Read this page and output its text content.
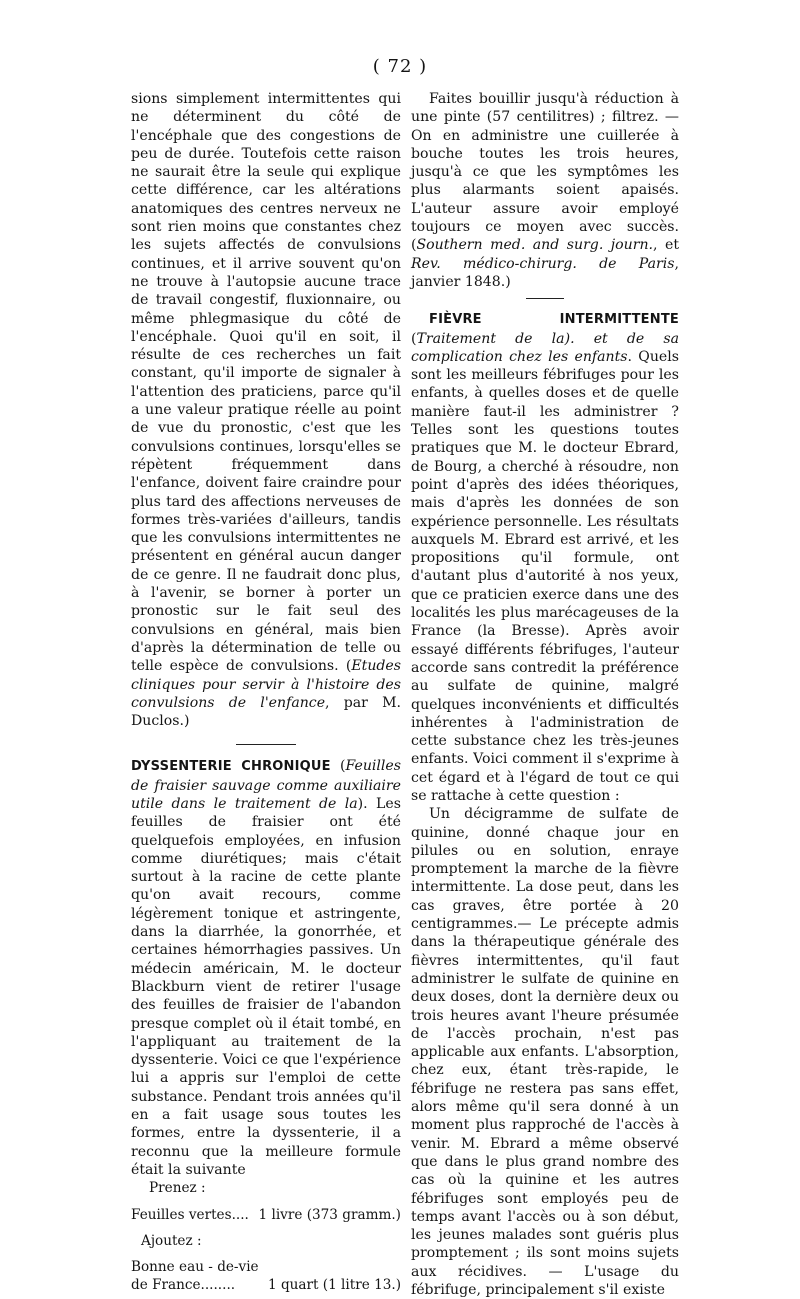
( 72 )

sions simplement intermittentes qui ne déterminent du côté de l'encéphale que des congestions de peu de durée. Toutefois cette raison ne saurait être la seule qui explique cette différence, car les altérations anatomiques des centres nerveux ne sont rien moins que constantes chez les sujets affectés de convulsions continues, et il arrive souvent qu'on ne trouve à l'autopsie aucune trace de travail congestif, fluxionnaire, ou même phlegmasique du côté de l'encéphale. Quoi qu'il en soit, il résulte de ces recherches un fait constant, qu'il importe de signaler à l'attention des praticiens, parce qu'il a une valeur pratique réelle au point de vue du pronostic, c'est que les convulsions continues, lorsqu'elles se répètent fréquemment dans l'enfance, doivent faire craindre pour plus tard des affections nerveuses de formes très-variées d'ailleurs, tandis que les convulsions intermittentes ne présentent en général aucun danger de ce genre. Il ne faudrait donc plus, à l'avenir, se borner à porter un pronostic sur le fait seul des convulsions en général, mais bien d'après la détermination de telle ou telle espèce de convulsions. (Etudes cliniques pour servir à l'histoire des convulsions de l'enfance, par M. Duclos.)

DYSSENTERIE CHRONIQUE (Feuilles de fraisier sauvage comme auxiliaire utile dans le traitement de la). Les feuilles de fraisier ont été quelquefois employées, en infusion comme diurétiques; mais c'était surtout à la racine de cette plante qu'on avait recours, comme légèrement tonique et astringente, dans la diarrhée, la gonorrhée, et certaines hémorrhagies passives. Un médecin américain, M. le docteur Blackburn vient de retirer l'usage des feuilles de fraisier de l'abandon presque complet où il était tombé, en l'appliquant au traitement de la dyssenterie. Voici ce que l'expérience lui a appris sur l'emploi de cette substance. Pendant trois années qu'il en a fait usage sous toutes les formes, entre la dyssenterie, il a reconnu que la meilleure formule était la suivante

Prenez :

Feuilles vertes.... 1 livre (373 gramm.)

Ajoutez :

Bonne eau - de-vie

de France........ 1 quart (1 litre 13.)

Faites bouillir jusqu'à réduction à une pinte (57 centilitres) ; filtrez. — On en administre une cuillerée à bouche toutes les trois heures, jusqu'à ce que les symptômes les plus alarmants soient apaisés. L'auteur assure avoir employé toujours ce moyen avec succès. (Southern med. and surg. journ., et Rev. médico-chirurg. de Paris, janvier 1848.)

FIÈVRE INTERMITTENTE (Traitement de la). et de sa complication chez les enfants. Quels sont les meilleurs fébrifuges pour les enfants, à quelles doses et de quelle manière faut-il les administrer ? Telles sont les questions toutes pratiques que M. le docteur Ebrard, de Bourg, a cherché à résoudre, non point d'après des idées théoriques, mais d'après les données de son expérience personnelle. Les résultats auxquels M. Ebrard est arrivé, et les propositions qu'il formule, ont d'autant plus d'autorité à nos yeux, que ce praticien exerce dans une des localités les plus marécageuses de la France (la Bresse). Après avoir essayé différents fébrifuges, l'auteur accorde sans contredit la préférence au sulfate de quinine, malgré quelques inconvénients et difficultés inhérentes à l'administration de cette substance chez les très-jeunes enfants. Voici comment il s'exprime à cet égard et à l'égard de tout ce qui se rattache à cette question :

Un décigramme de sulfate de quinine, donné chaque jour en pilules ou en solution, enraye promptement la marche de la fièvre intermittente. La dose peut, dans les cas graves, être portée à 20 centigrammes.— Le précepte admis dans la thérapeutique générale des fièvres intermittentes, qu'il faut administrer le sulfate de quinine en deux doses, dont la dernière deux ou trois heures avant l'heure présumée de l'accès prochain, n'est pas applicable aux enfants. L'absorption, chez eux, étant très-rapide, le fébrifuge ne restera pas sans effet, alors même qu'il sera donné à un moment plus rapproché de l'accès à venir. M. Ebrard a même observé que dans le plus grand nombre des cas où la quinine et les autres fébrifuges sont employés peu de temps avant l'accès ou à son début, les jeunes malades sont guéris plus promptement ; ils sont moins sujets aux récidives. — L'usage du fébrifuge, principalement s'il existe
